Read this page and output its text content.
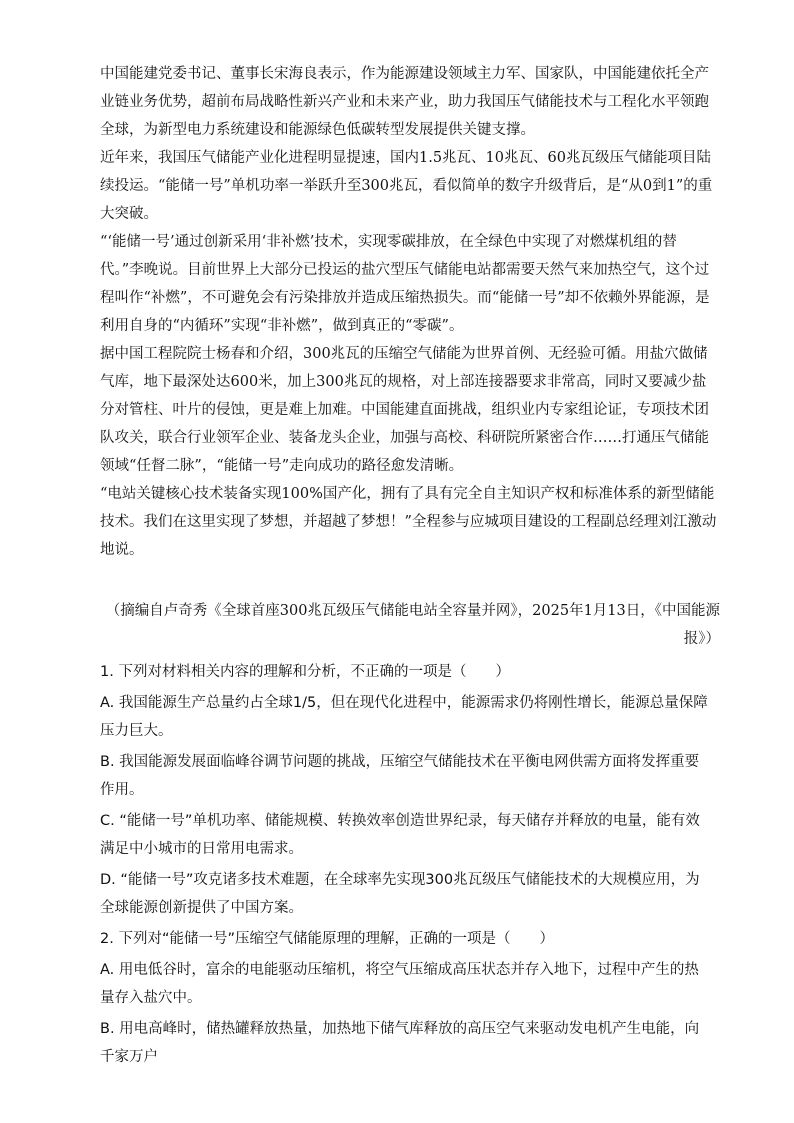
中国能建党委书记、董事长宋海良表示，作为能源建设领域主力军、国家队，中国能建依托全产业链业务优势，超前布局战略性新兴产业和未来产业，助力我国压气储能技术与工程化水平领跑全球，为新型电力系统建设和能源绿色低碳转型发展提供关键支撑。

近年来，我国压气储能产业化进程明显提速，国内1.5兆瓦、10兆瓦、60兆瓦级压气储能项目陆续投运。“能储一号”单机功率一举跃升至300兆瓦，看似简单的数字升级背后，是“从0到1”的重大突破。

“‘能储一号’通过创新采用‘非补燃’技术，实现零碳排放，在全绿色中实现了对燃煤机组的替代。”李晚说。目前世界上大部分已投运的盐穴型压气储能电站都需要天然气来加热空气，这个过程叫作“补燃”，不可避免会有污染排放并造成压缩热损失。而“能储一号”却不依赖外界能源，是利用自身的“内循环”实现“非补燃”，做到真正的“零碳”。

据中国工程院院士杨春和介绍，300兆瓦的压缩空气储能为世界首例、无经验可循。用盐穴做储气库，地下最深处达600米，加上300兆瓦的规格，对上部连接器要求非常高，同时又要减少盐分对管柱、叶片的侵蚀，更是难上加难。中国能建直面挑战，组织业内专家组论证，专项技术团队攻关，联合行业领军企业、装备龙头企业，加强与高校、科研院所紧密合作……打通压气储能领域“任督二脉”，“能储一号”走向成功的路径愈发清晰。

“电站关键核心技术装备实现100%国产化，拥有了具有完全自主知识产权和标准体系的新型储能技术。我们在这里实现了梦想，并超越了梦想！”全程参与应城项目建设的工程副总经理刘江激动地说。

（摘编自卢奇秀《全球首座300兆瓦级压气储能电站全容量并网》，2025年1月13日，《中国能源报》）

1. 下列对材料相关内容的理解和分析，不正确的一项是（　　）

A. 我国能源生产总量约占全球1/5，但在现代化进程中，能源需求仍将刚性增长，能源总量保障压力巨大。

B. 我国能源发展面临峰谷调节问题的挑战，压缩空气储能技术在平衡电网供需方面将发挥重要作用。

C. “能储一号”单机功率、储能规模、转换效率创造世界纪录，每天储存并释放的电量，能有效满足中小城市的日常用电需求。

D. “能储一号”攻克诸多技术难题，在全球率先实现300兆瓦级压气储能技术的大规模应用，为全球能源创新提供了中国方案。

2. 下列对“能储一号”压缩空气储能原理的理解，正确的一项是（　　）

A. 用电低谷时，富余的电能驱动压缩机，将空气压缩成高压状态并存入地下，过程中产生的热量存入盐穴中。

B. 用电高峰时，储热罐释放热量，加热地下储气库释放的高压空气来驱动发电机产生电能，向千家万户
